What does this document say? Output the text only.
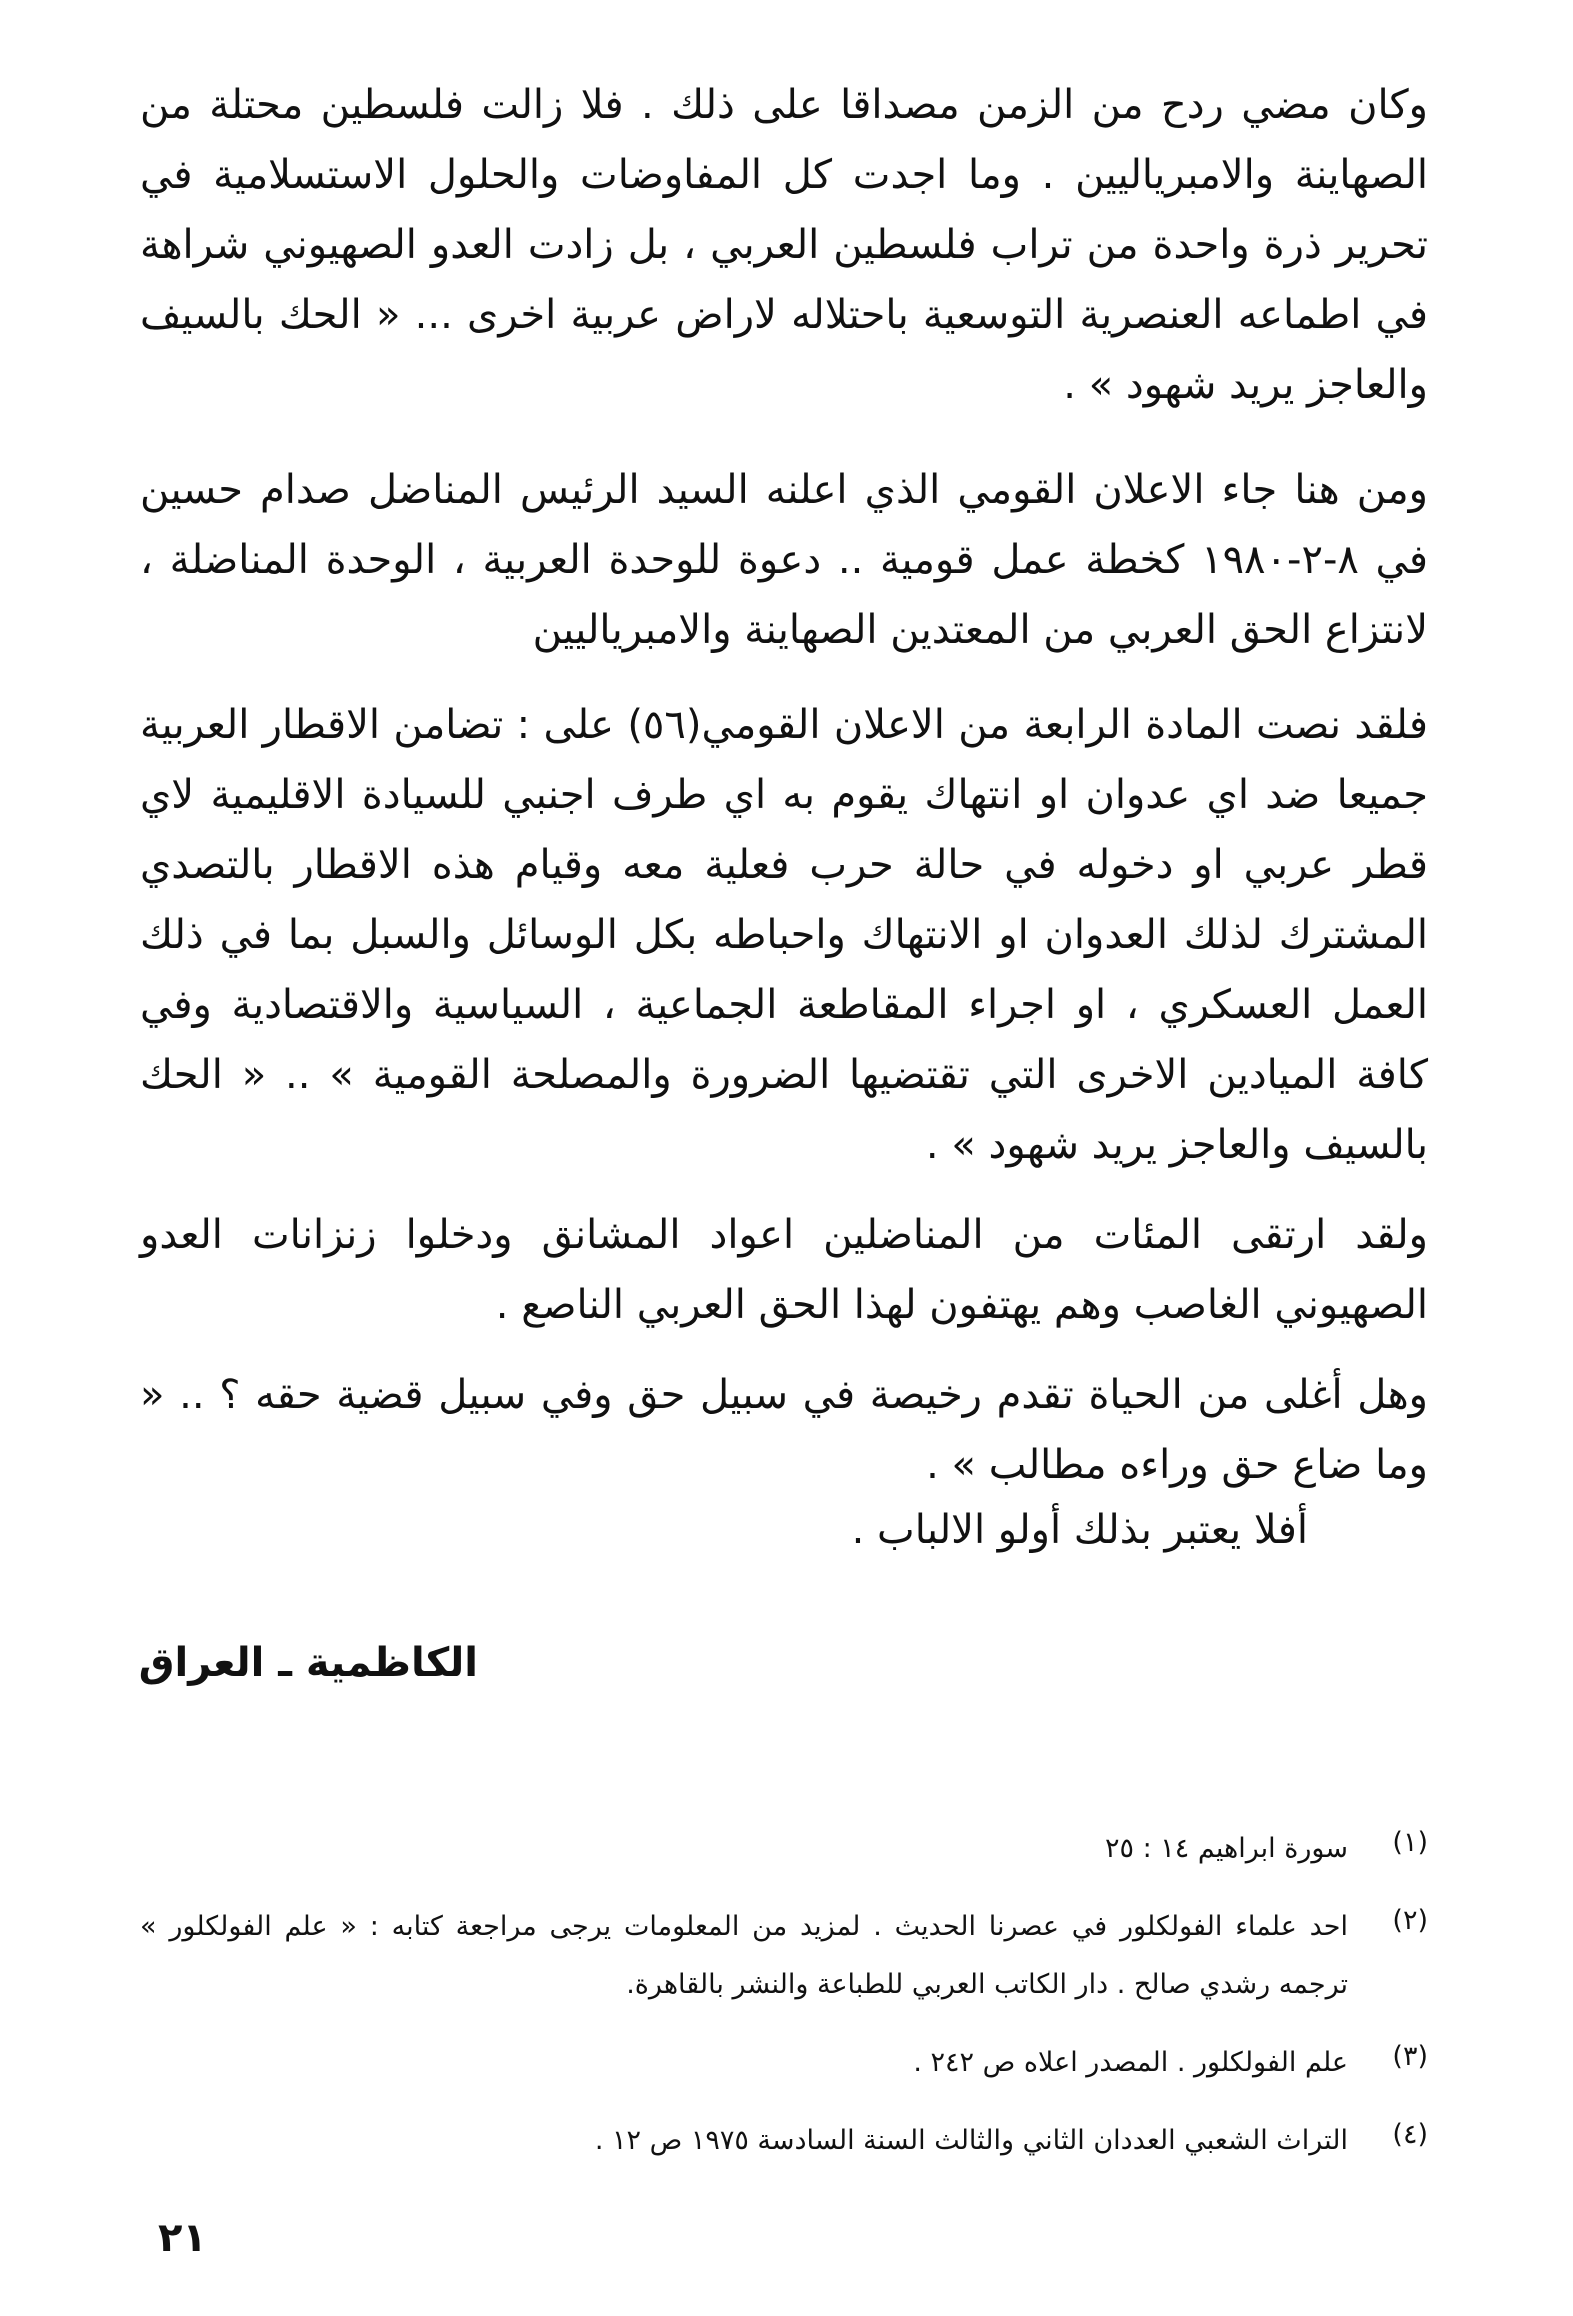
وكان مضي ردح من الزمن مصداقا على ذلك . فلا زالت فلسطين محتلة من الصهاينة والامبرياليين . وما اجدت كل المفاوضات والحلول الاستسلامية في تحرير ذرة واحدة من تراب فلسطين العربي ، بل زادت العدو الصهيوني شراهة في اطماعه العنصرية التوسعية باحتلاله لاراض عربية اخرى ... « الحك بالسيف والعاجز يريد شهود » .
ومن هنا جاء الاعلان القومي الذي اعلنه السيد الرئيس المناضل صدام حسين في ٨-٢-١٩٨٠ كخطة عمل قومية .. دعوة للوحدة العربية ، الوحدة المناضلة ، لانتزاع الحق العربي من المعتدين الصهاينة والامبرياليين
فلقد نصت المادة الرابعة من الاعلان القومي(٥٦) على : تضامن الاقطار العربية جميعا ضد اي عدوان او انتهاك يقوم به اي طرف اجنبي للسيادة الاقليمية لاي قطر عربي او دخوله في حالة حرب فعلية معه وقيام هذه الاقطار بالتصدي المشترك لذلك العدوان او الانتهاك واحباطه بكل الوسائل والسبل بما في ذلك العمل العسكري ، او اجراء المقاطعة الجماعية ، السياسية والاقتصادية وفي كافة الميادين الاخرى التي تقتضيها الضرورة والمصلحة القومية » .. « الحك بالسيف والعاجز يريد شهود » .
ولقد ارتقى المئات من المناضلين اعواد المشانق ودخلوا زنزانات العدو الصهيوني الغاصب وهم يهتفون لهذا الحق العربي الناصع .
وهل أغلى من الحياة تقدم رخيصة في سبيل حق وفي سبيل قضية حقه ؟ .. « وما ضاع حق وراءه مطالب » .
أفلا يعتبر بذلك أولو الالباب .
الكاظمية ـ العراق
(١)
سورة ابراهيم ١٤ : ٢٥
(٢)
احد علماء الفولكلور في عصرنا الحديث . لمزيد من المعلومات يرجى مراجعة كتابه : « علم الفولكلور » ترجمه رشدي صالح . دار الكاتب العربي للطباعة والنشر بالقاهرة.
(٣)
علم الفولكلور . المصدر اعلاه ص ٢٤٢ .
(٤)
التراث الشعبي العددان الثاني والثالث السنة السادسة ١٩٧٥ ص ١٢ .
٢١
